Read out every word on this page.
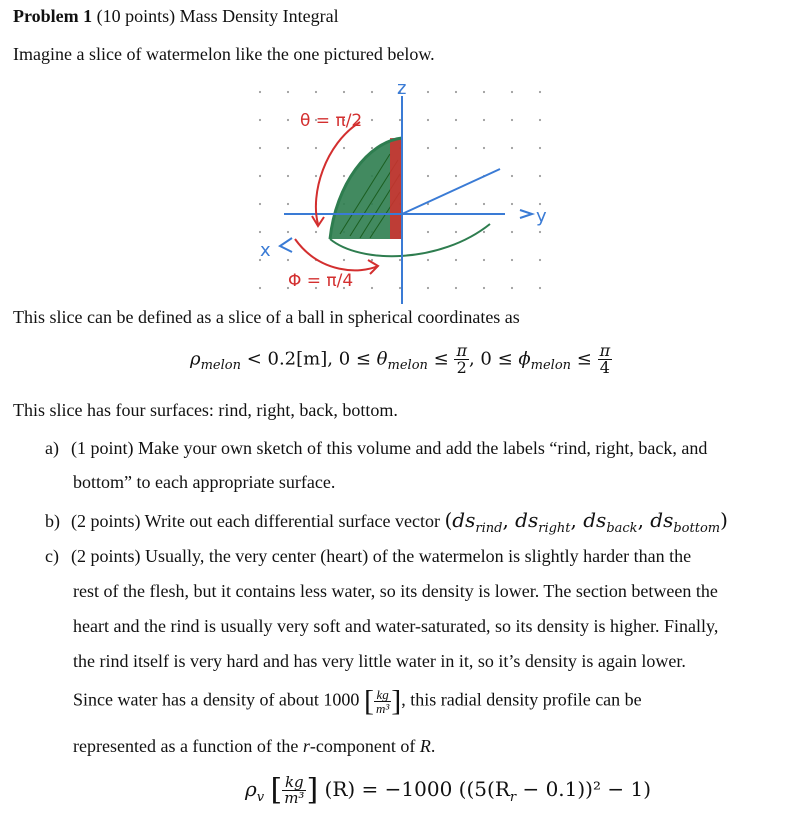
Problem 1 (10 points) Mass Density Integral
Imagine a slice of watermelon like the one pictured below.
z
y
x
θ = π/2
Φ = π/4
This slice can be defined as a slice of a ball in spherical coordinates as
$\rho_{melon} < 0.2[m]$, $0 \le \theta_{melon} \le \frac{\pi}{2}$ , $0 \le \phi_{melon} \le \frac{\pi}{4}$
This slice has four surfaces: rind, right, back, bottom.
a) (1 point) Make your own sketch of this volume and add the labels “rind, right, back, and
bottom” to each appropriate surface.
b) (2 points) Write out each differential surface vector ($ds_{rind}$, $ds_{right}$, $ds_{back}$, $ds_{bottom}$)
c) (2 points) Usually, the very center (heart) of the watermelon is slightly harder than the
rest of the flesh, but it contains less water, so its density is lower. The section between the
heart and the rind is usually very soft and water-saturated, so its density is higher. Finally,
the rind itself is very hard and has very little water in it, so it’s density is again lower.
Since water has a density of about 1000 [ $\frac{kg}{\text{m³}}$ ], this radial density profile can be
represented as a function of the r-component of R.
$\rho_v$ [ $\frac{kg}{\text{m³}}$ ] (R) = −1000 $((5(R_r - 0.1))^2 - 1)$
